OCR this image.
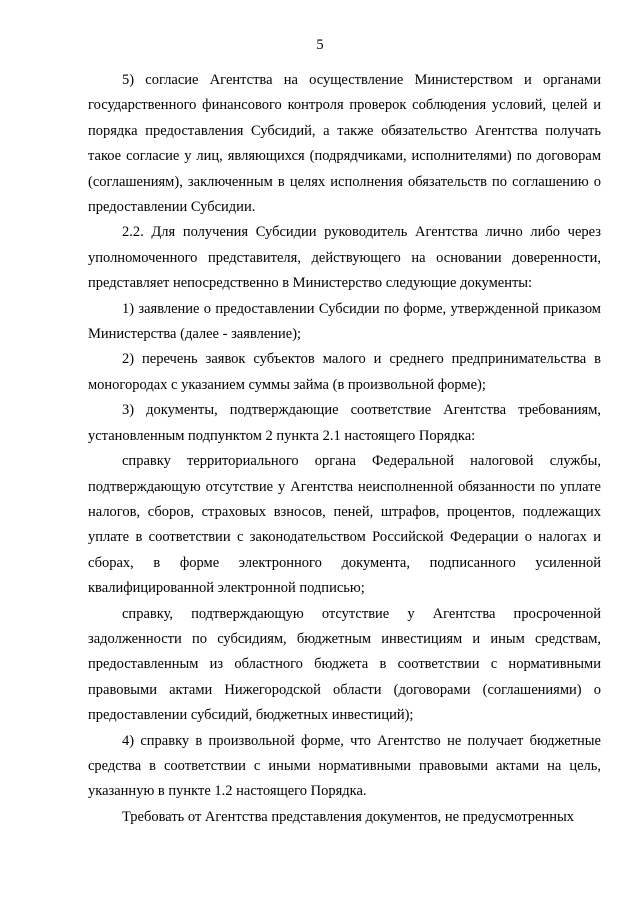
5

5) согласие Агентства на осуществление Министерством и органами государственного финансового контроля проверок соблюдения условий, целей и порядка предоставления Субсидий, а также обязательство Агентства получать такое согласие у лиц, являющихся (подрядчиками, исполнителями) по договорам (соглашениям), заключенным в целях исполнения обязательств по соглашению о предоставлении Субсидии.

2.2. Для получения Субсидии руководитель Агентства лично либо через уполномоченного представителя, действующего на основании доверенности, представляет непосредственно в Министерство следующие документы:

1) заявление о предоставлении Субсидии по форме, утвержденной приказом Министерства (далее - заявление);

2) перечень заявок субъектов малого и среднего предпринимательства в моногородах с указанием суммы займа (в произвольной форме);

3) документы, подтверждающие соответствие Агентства требованиям, установленным подпунктом 2 пункта 2.1 настоящего Порядка:

справку территориального органа Федеральной налоговой службы, подтверждающую отсутствие у Агентства неисполненной обязанности по уплате налогов, сборов, страховых взносов, пеней, штрафов, процентов, подлежащих уплате в соответствии с законодательством Российской Федерации о налогах и сборах, в форме электронного документа, подписанного усиленной квалифицированной электронной подписью;

справку, подтверждающую отсутствие у Агентства просроченной задолженности по субсидиям, бюджетным инвестициям и иным средствам, предоставленным из областного бюджета в соответствии с нормативными правовыми актами Нижегородской области (договорами (соглашениями) о предоставлении субсидий, бюджетных инвестиций);

4) справку в произвольной форме, что Агентство не получает бюджетные средства в соответствии с иными нормативными правовыми актами на цель, указанную в пункте 1.2 настоящего Порядка.

Требовать от Агентства представления документов, не предусмотренных
